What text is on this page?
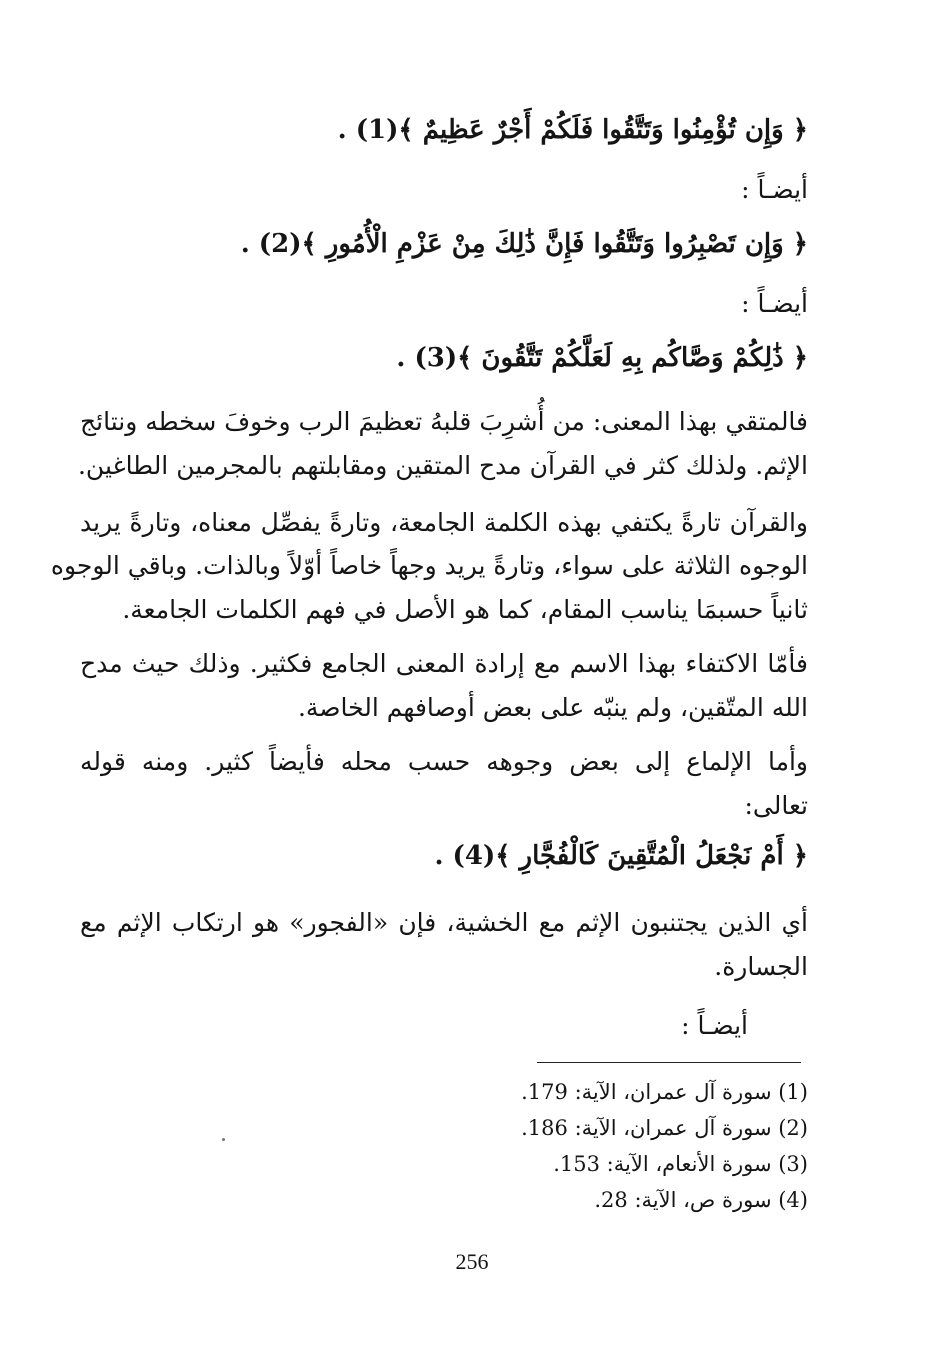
﴿ وَإِن تُؤْمِنُوا وَتَتَّقُوا فَلَكُمْ أَجْرٌ عَظِيمٌ ﴾(1) .
أيضـاً :
﴿ وَإِن تَصْبِرُوا وَتَتَّقُوا فَإِنَّ ذَٰلِكَ مِنْ عَزْمِ الْأُمُورِ ﴾(2) .
أيضـاً :
﴿ ذَٰلِكُمْ وَصَّاكُم بِهِ لَعَلَّكُمْ تَتَّقُونَ ﴾(3) .
فالمتقي بهذا المعنى: من أُشرِبَ قلبهُ تعظيمَ الرب وخوفَ سخطه ونتائج
الإثم. ولذلك كثر في القرآن مدح المتقين ومقابلتهم بالمجرمين الطاغين.
والقرآن تارةً يكتفي بهذه الكلمة الجامعة، وتارةً يفصِّل معناه، وتارةً يريد
الوجوه الثلاثة على سواء، وتارةً يريد وجهاً خاصاً أوّلاً وبالذات. وباقي الوجوه
ثانياً حسبمَا يناسب المقام، كما هو الأصل في فهم الكلمات الجامعة.
فأمّا الاكتفاء بهذا الاسم مع إرادة المعنى الجامع فكثير. وذلك حيث مدح
الله المتّقين، ولم ينبّه على بعض أوصافهم الخاصة.
وأما الإلماع إلى بعض وجوهه حسب محله فأيضاً كثير. ومنه قوله
تعالى:
﴿ أَمْ نَجْعَلُ الْمُتَّقِينَ كَالْفُجَّارِ ﴾(4) .
أي الذين يجتنبون الإثم مع الخشية، فإن «الفجور» هو ارتكاب الإثم مع
الجسارة.
أيضـاً :
(1) سورة آل عمران، الآية: 179.
(2) سورة آل عمران، الآية: 186.
(3) سورة الأنعام، الآية: 153.
(4) سورة ص، الآية: 28.
256
